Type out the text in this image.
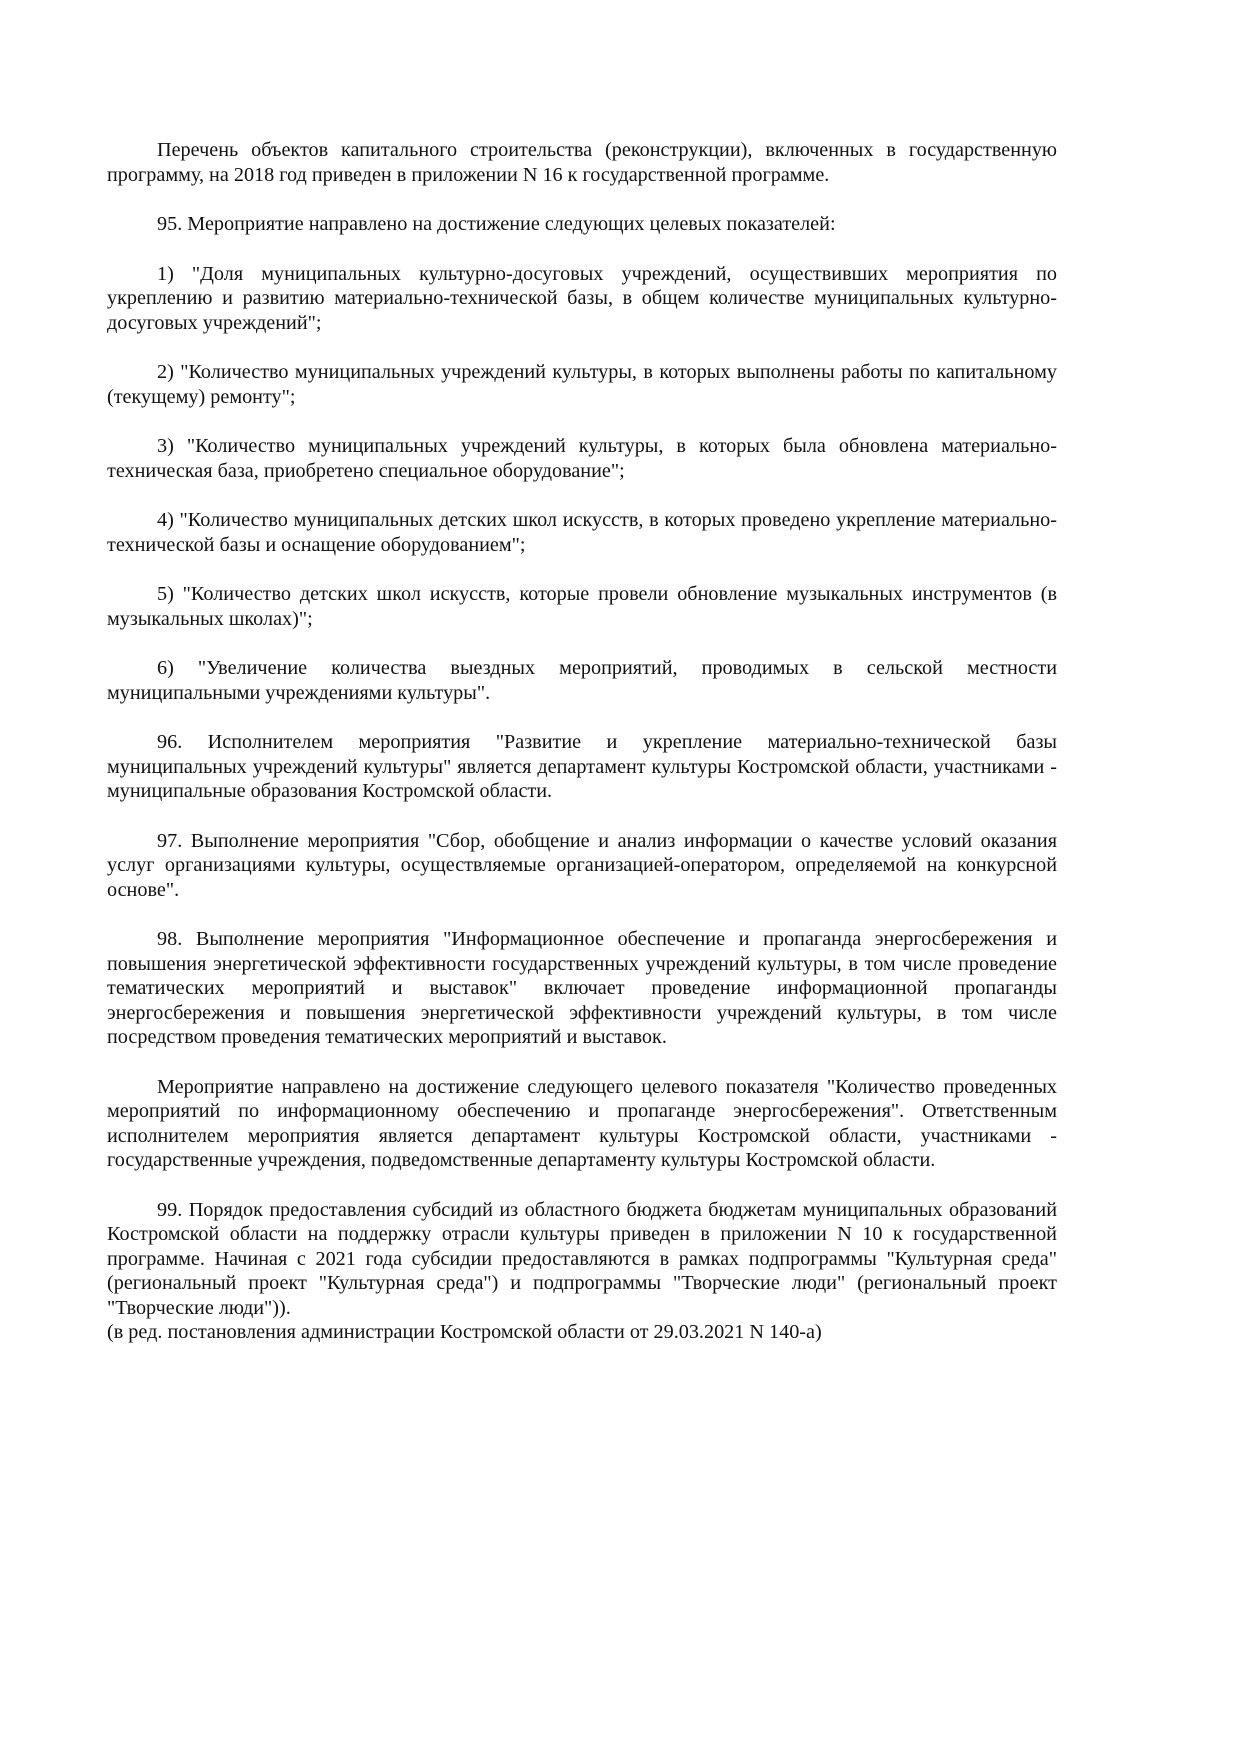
Перечень объектов капитального строительства (реконструкции), включенных в государственную программу, на 2018 год приведен в приложении N 16 к государственной программе.

95. Мероприятие направлено на достижение следующих целевых показателей:

1) "Доля муниципальных культурно-досуговых учреждений, осуществивших мероприятия по укреплению и развитию материально-технической базы, в общем количестве муниципальных культурно-досуговых учреждений";

2) "Количество муниципальных учреждений культуры, в которых выполнены работы по капитальному (текущему) ремонту";

3) "Количество муниципальных учреждений культуры, в которых была обновлена материально-техническая база, приобретено специальное оборудование";

4) "Количество муниципальных детских школ искусств, в которых проведено укрепление материально-технической базы и оснащение оборудованием";

5) "Количество детских школ искусств, которые провели обновление музыкальных инструментов (в музыкальных школах)";

6) "Увеличение количества выездных мероприятий, проводимых в сельской местности муниципальными учреждениями культуры".

96. Исполнителем мероприятия "Развитие и укрепление материально-технической базы муниципальных учреждений культуры" является департамент культуры Костромской области, участниками - муниципальные образования Костромской области.

97. Выполнение мероприятия "Сбор, обобщение и анализ информации о качестве условий оказания услуг организациями культуры, осуществляемые организацией-оператором, определяемой на конкурсной основе".

98. Выполнение мероприятия "Информационное обеспечение и пропаганда энергосбережения и повышения энергетической эффективности государственных учреждений культуры, в том числе проведение тематических мероприятий и выставок" включает проведение информационной пропаганды энергосбережения и повышения энергетической эффективности учреждений культуры, в том числе посредством проведения тематических мероприятий и выставок.

Мероприятие направлено на достижение следующего целевого показателя "Количество проведенных мероприятий по информационному обеспечению и пропаганде энергосбережения". Ответственным исполнителем мероприятия является департамент культуры Костромской области, участниками - государственные учреждения, подведомственные департаменту культуры Костромской области.

99. Порядок предоставления субсидий из областного бюджета бюджетам муниципальных образований Костромской области на поддержку отрасли культуры приведен в приложении N 10 к государственной программе. Начиная с 2021 года субсидии предоставляются в рамках подпрограммы "Культурная среда" (региональный проект "Культурная среда") и подпрограммы "Творческие люди" (региональный проект "Творческие люди")).

(в ред. постановления администрации Костромской области от 29.03.2021 N 140-а)
